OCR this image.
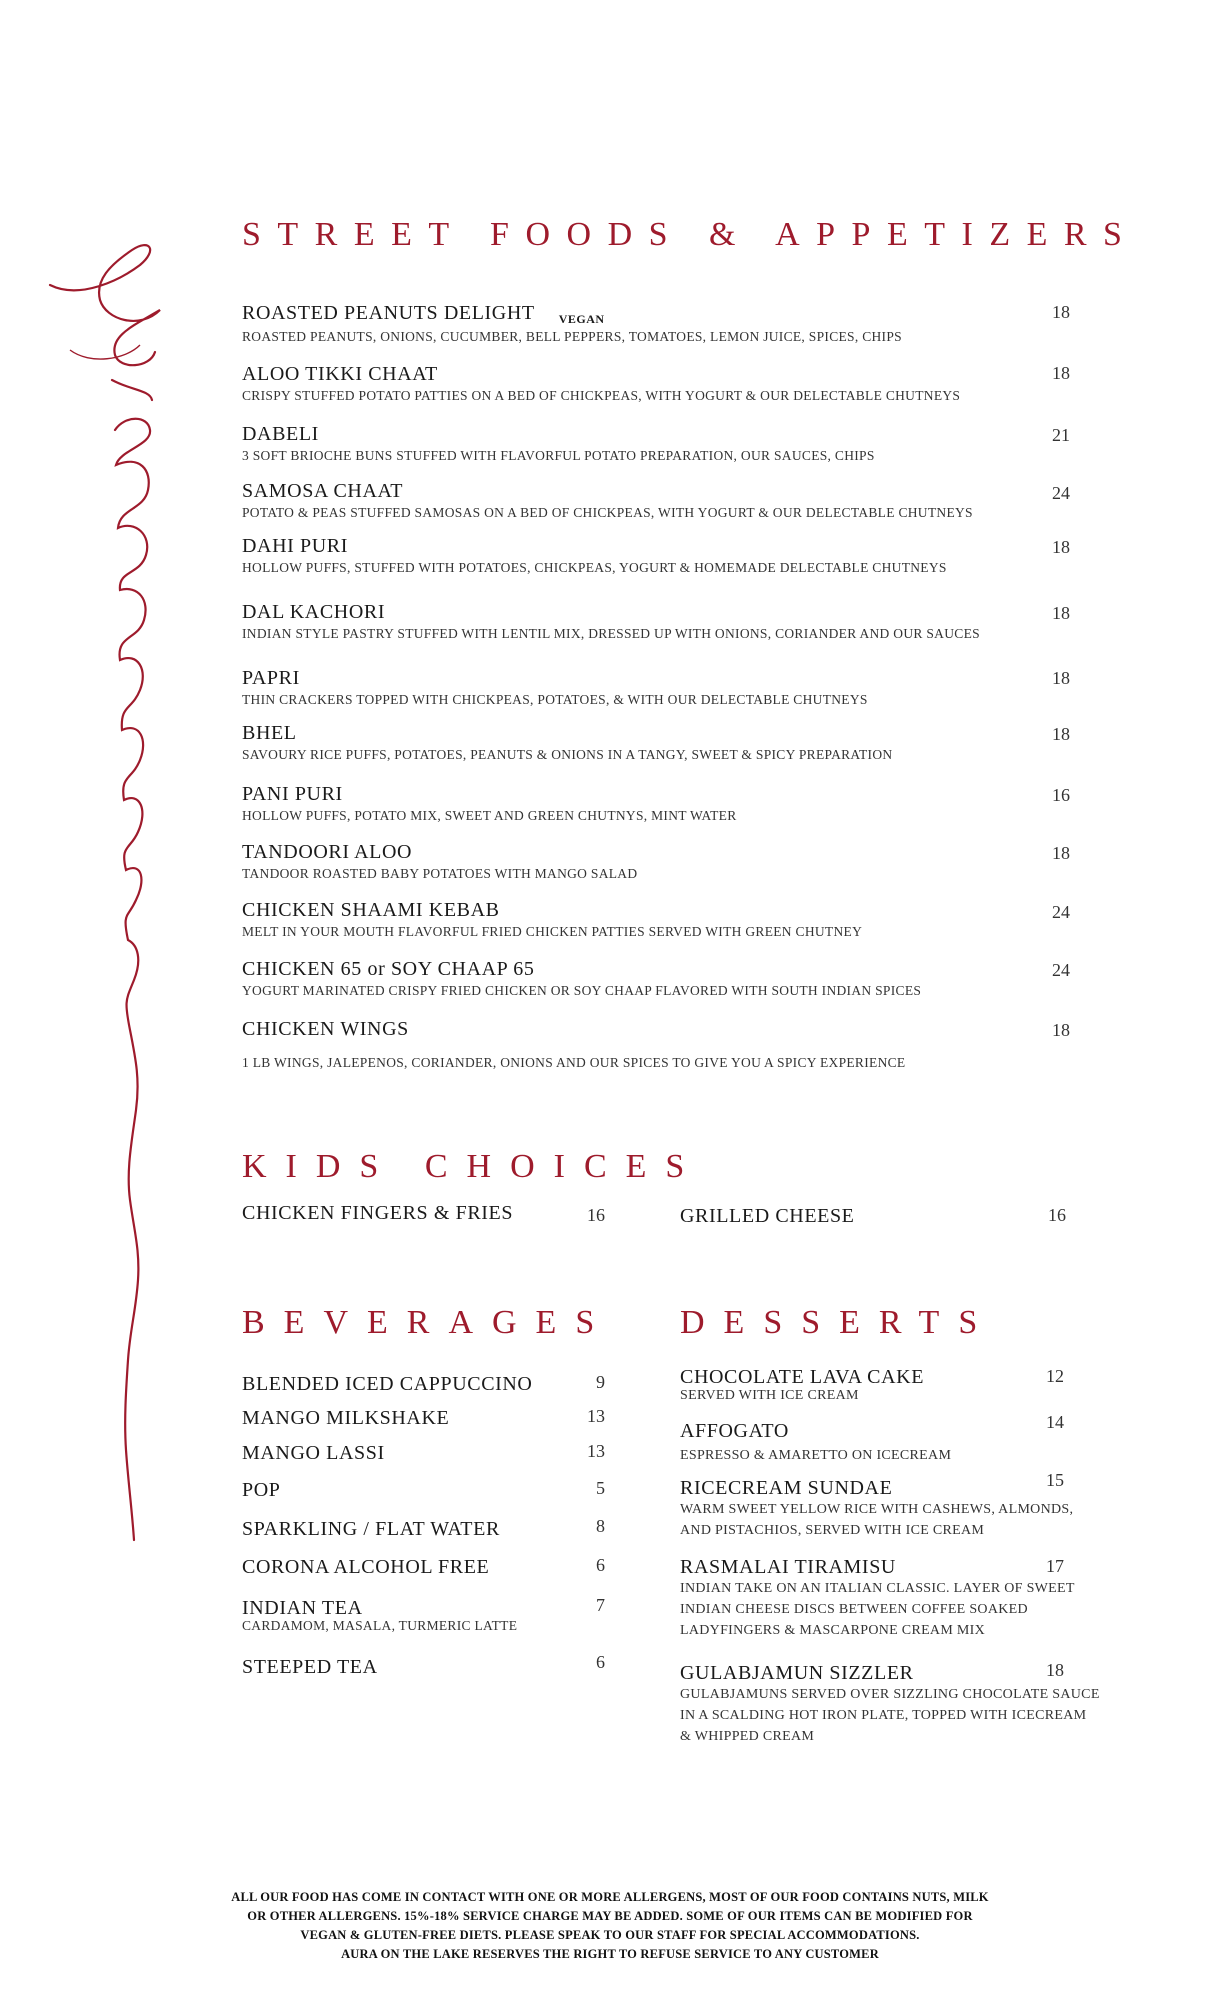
STREET FOODS & APPETIZERS
ROASTED PEANUTS DELIGHT $_{VEGAN}$
ROASTED PEANUTS, ONIONS, CUCUMBER, BELL PEPPERS, TOMATOES, LEMON JUICE, SPICES, CHIPS
18
ALOO TIKKI CHAAT
CRISPY STUFFED POTATO PATTIES ON A BED OF CHICKPEAS, WITH YOGURT & OUR DELECTABLE CHUTNEYS
18
DABELI
3 SOFT BRIOCHE BUNS STUFFED WITH FLAVORFUL POTATO PREPARATION, OUR SAUCES, CHIPS
21
SAMOSA CHAAT
POTATO & PEAS STUFFED SAMOSAS ON A BED OF CHICKPEAS, WITH YOGURT & OUR DELECTABLE CHUTNEYS
24
DAHI PURI
HOLLOW PUFFS, STUFFED WITH POTATOES, CHICKPEAS, YOGURT & HOMEMADE DELECTABLE CHUTNEYS
18
DAL KACHORI
INDIAN STYLE PASTRY STUFFED WITH LENTIL MIX, DRESSED UP WITH ONIONS, CORIANDER AND OUR SAUCES
18
PAPRI
THIN CRACKERS TOPPED WITH CHICKPEAS, POTATOES, & WITH OUR DELECTABLE CHUTNEYS
18
BHEL
SAVOURY RICE PUFFS, POTATOES, PEANUTS & ONIONS IN A TANGY, SWEET & SPICY PREPARATION
18
PANI PURI
HOLLOW PUFFS, POTATO MIX, SWEET AND GREEN CHUTNYS, MINT WATER
16
TANDOORI ALOO
TANDOOR ROASTED BABY POTATOES WITH MANGO SALAD
18
CHICKEN SHAAMI KEBAB
MELT IN YOUR MOUTH FLAVORFUL FRIED CHICKEN PATTIES SERVED WITH GREEN CHUTNEY
24
CHICKEN 65 or SOY CHAAP 65
YOGURT MARINATED CRISPY FRIED CHICKEN OR SOY CHAAP FLAVORED WITH SOUTH INDIAN SPICES
24
CHICKEN WINGS
1 LB WINGS, JALEPENOS, CORIANDER, ONIONS AND OUR SPICES TO GIVE YOU A SPICY EXPERIENCE
18
KIDS CHOICES
CHICKEN FINGERS & FRIES	16	GRILLED CHEESE	16
BEVERAGES
BLENDED ICED CAPPUCCINO	9
MANGO MILKSHAKE	13
MANGO LASSI	13
POP	5
SPARKLING / FLAT WATER	8
CORONA ALCOHOL FREE	6
INDIAN TEA
CARDAMOM, MASALA, TURMERIC LATTE
7
STEEPED TEA	6
DESSERTS
CHOCOLATE LAVA CAKE
SERVED WITH ICE CREAM
12
AFFOGATO
ESPRESSO & AMARETTO ON ICECREAM
14
RICECREAM SUNDAE
WARM SWEET YELLOW RICE WITH CASHEWS, ALMONDS, AND PISTACHIOS, SERVED WITH ICE CREAM
15
RASMALAI TIRAMISU
INDIAN TAKE ON AN ITALIAN CLASSIC. LAYER OF SWEET INDIAN CHEESE DISCS BETWEEN COFFEE SOAKED LADYFINGERS & MASCARPONE CREAM MIX
17
GULABJAMUN SIZZLER
GULABJAMUNS SERVED OVER SIZZLING CHOCOLATE SAUCE IN A SCALDING HOT IRON PLATE, TOPPED WITH ICECREAM & WHIPPED CREAM
18
ALL OUR FOOD HAS COME IN CONTACT WITH ONE OR MORE ALLERGENS, MOST OF OUR FOOD CONTAINS NUTS, MILK
OR OTHER ALLERGENS. 15%-18% SERVICE CHARGE MAY BE ADDED. SOME OF OUR ITEMS CAN BE MODIFIED FOR
VEGAN & GLUTEN-FREE DIETS. PLEASE SPEAK TO OUR STAFF FOR SPECIAL ACCOMMODATIONS.
AURA ON THE LAKE RESERVES THE RIGHT TO REFUSE SERVICE TO ANY CUSTOMER
